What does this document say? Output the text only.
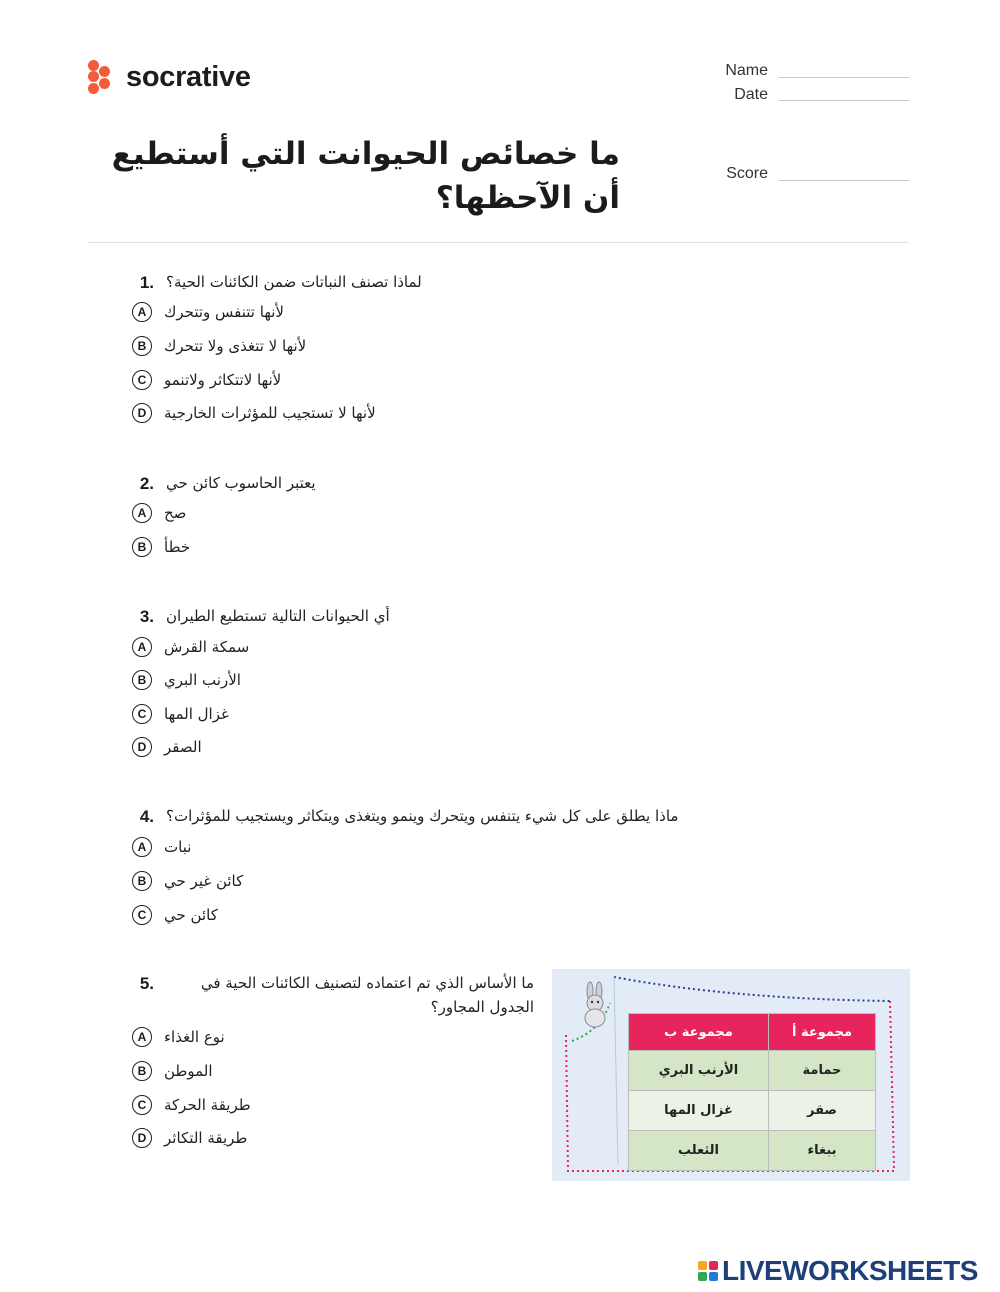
socrative	Name
Date
Score
ما خصائص الحيوانت التي أستطيع أن الآحظها؟
1. لماذا تصنف النباتات ضمن الكائنات الحية؟
A	لأنها تتنفس وتتحرك
B	لأنها لا تتغذى ولا تتحرك
C	لأنها لاتتكاثر ولاتنمو
D	لأنها لا تستجيب للمؤثرات الخارجية
2. يعتبر الحاسوب كائن حي
A	صح
B	خطأ
3. أي الحيوانات التالية تستطيع الطيران
A	سمكة القرش
B	الأرنب البري
C	غزال المها
D	الصقر
4. ماذا يطلق على كل شيء يتنفس ويتحرك وينمو ويتغذى ويتكاثر ويستجيب للمؤثرات؟
A	نبات
B	كائن غير حي
C	كائن حي
5.	ما الأساس الذي تم اعتماده لتصنيف الكائنات الحية في
الجدول المجاور؟
A	نوع الغذاء
B	الموطن
C	طريقة الحركة
D	طريقة التكاثر
مجموعة أ	مجموعة ب
حمامة	الأرنب البري
صقر	غزال المها
ببغاء	الثعلب
LIVEWORKSHEETS
